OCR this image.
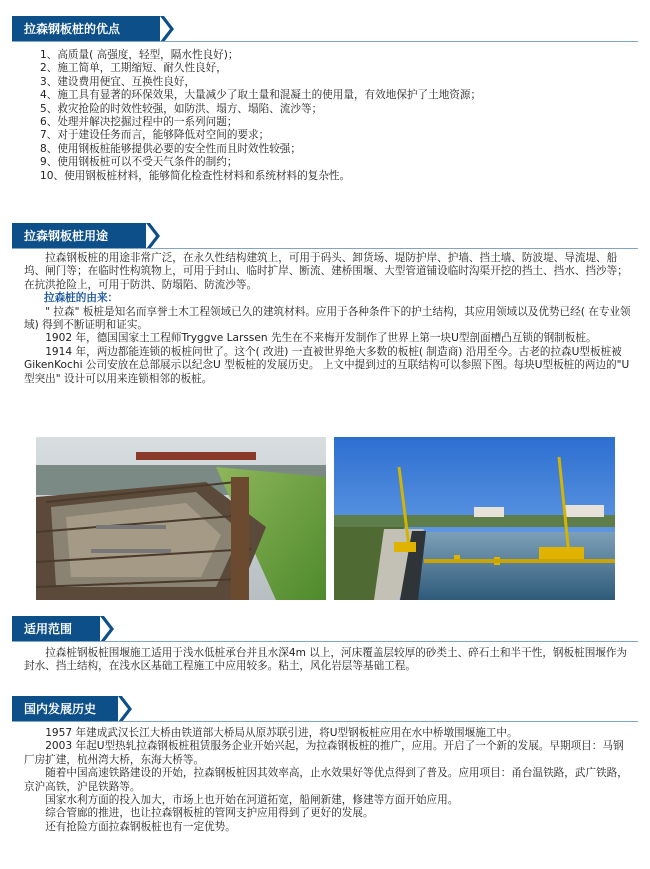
拉森钢板桩的优点
1、高质量( 高强度，轻型，隔水性良好)；
2、施工简单，工期缩短、耐久性良好，
3、建设费用便宜、互换性良好，
4、施工具有显著的环保效果，大量减少了取土量和混凝土的使用量，有效地保护了土地资源；
5、救灾抢险的时效性较强，如防洪、塌方、塌陷、流沙等；
6、处理并解决挖掘过程中的一系列问题；
7、对于建设任务而言，能够降低对空间的要求；
8、使用钢板桩能够提供必要的安全性而且时效性较强；
9、使用钢板桩可以不受天气条件的制约；
10、使用钢板桩材料，能够简化检查性材料和系统材料的复杂性。
拉森钢板桩用途
拉森钢板桩的用途非常广泛，在永久性结构建筑上，可用于码头、卸货场、堤防护岸、护墙、挡土墙、防波堤、导流堤、船坞、闸门等；在临时性构筑物上，可用于封山、临时扩岸、断流、建桥围堰、大型管道铺设临时沟渠开挖的挡土、挡水、挡沙等；在抗洪抢险上，可用于防洪、防塌陷、防流沙等。
拉森桩的由来：
" 拉森" 板桩是知名而享誉土木工程领域已久的建筑材料。应用于各种条件下的护土结构，其应用领域以及优势已经( 在专业领域) 得到不断证明和证实。
1902 年，德国国家土工程师Tryggve Larssen 先生在不来梅开发制作了世界上第一块U型剖面槽凸互锁的钢制板桩。
1914 年，两边都能连锁的板桩问世了。这个( 改进) 一直被世界绝大多数的板桩( 制造商) 沿用至今。古老的拉森U型板桩被GikenKochi 公司安放在总部展示以纪念U 型板桩的发展历史。 上文中提到过的互联结构可以参照下图。每块U型板桩的两边的"U 型突出" 设计可以用来连锁相邻的板桩。
适用范围
拉森桩钢板桩围堰施工适用于浅水低桩承台并且水深4m 以上，河床覆盖层较厚的砂类土、碎石土和半干性，钢板桩围堰作为封水、挡土结构，在浅水区基础工程施工中应用较多。粘土，风化岩层等基础工程。
国内发展历史
1957 年建成武汉长江大桥由铁道部大桥局从原苏联引进，将U型钢板桩应用在水中桥墩围堰施工中。
2003 年起U型热轧拉森钢板桩租赁服务企业开始兴起，为拉森钢板桩的推广，应用。开启了一个新的发展。早期项目：马钢厂房扩建，杭州湾大桥，东海大桥等。
随着中国高速铁路建设的开始，拉森钢板桩因其效率高，止水效果好等优点得到了普及。应用项目：甬台温铁路，武广铁路，京沪高铁，沪昆铁路等。
国家水利方面的投入加大，市场上也开始在河道拓宽，船闸新建，修建等方面开始应用。
综合管廊的推进，也让拉森钢板桩的管网支护应用得到了更好的发展。
还有抢险方面拉森钢板桩也有一定优势。
